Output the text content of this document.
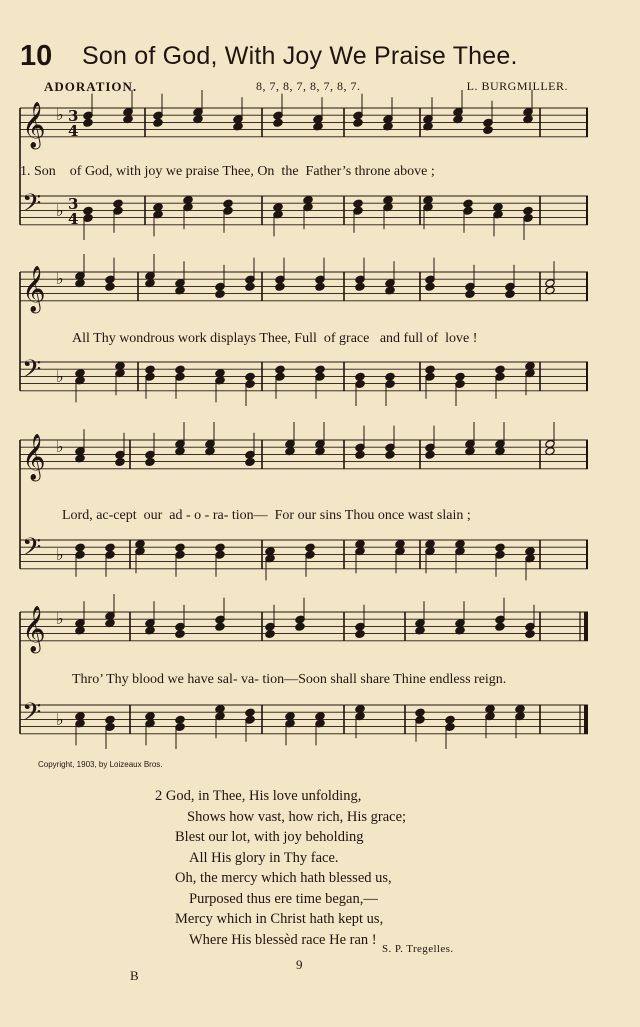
10 Son of God, With Joy We Praise Thee.
ADORATION.	8, 7, 8, 7, 8, 7, 8, 7.	L. BURGMILLER.
𝄞 ♭ 3
4
𝄢 ♭ 3
4
𝄞 ♭
𝄢 ♭
𝄞 ♭
𝄢 ♭
𝄞 ♭
𝄢 ♭
1. Son    of God, with joy we praise Thee, On  the  Father’s throne above ;
All Thy wondrous work displays Thee, Full  of grace   and full of  love !
Lord, ac-cept  our  ad - o - ra- tion—  For our sins Thou once wast slain ;
Thro’ Thy blood we have sal- va- tion—Soon shall share Thine endless reign.
Copyright, 1903, by Loizeaux Bros.
2 God, in Thee, His love unfolding,
Shows how vast, how rich, His grace;
Blest our lot, with joy beholding
All His glory in Thy face.
Oh, the mercy which hath blessed us,
Purposed thus ere time began,—
Mercy which in Christ hath kept us,
Where His blessèd race He ran !
S. P. Tregelles.
9
B
